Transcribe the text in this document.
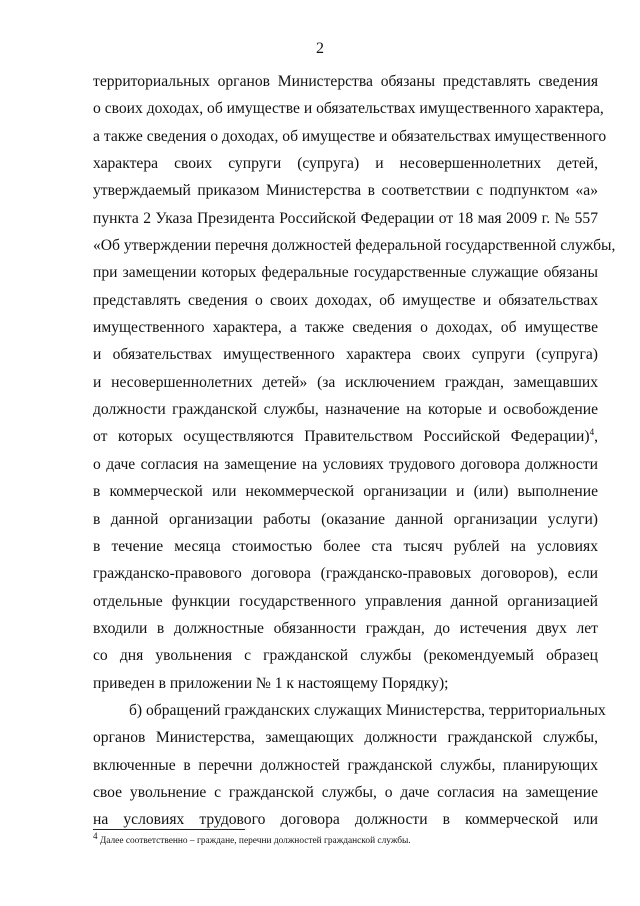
2
территориальных органов Министерства обязаны представлять сведения
о своих доходах, об имуществе и обязательствах имущественного характера,
а также сведения о доходах, об имуществе и обязательствах имущественного
характера своих супруги (супруга) и несовершеннолетних детей,
утверждаемый приказом Министерства в соответствии с подпунктом «а»
пункта 2 Указа Президента Российской Федерации от 18 мая 2009 г. № 557
«Об утверждении перечня должностей федеральной государственной службы,
при замещении которых федеральные государственные служащие обязаны
представлять сведения о своих доходах, об имуществе и обязательствах
имущественного характера, а также сведения о доходах, об имуществе
и обязательствах имущественного характера своих супруги (супруга)
и несовершеннолетних детей» (за исключением граждан, замещавших
должности гражданской службы, назначение на которые и освобождение
от которых осуществляются Правительством Российской Федерации)$^4$,
о даче согласия на замещение на условиях трудового договора должности
в коммерческой или некоммерческой организации и (или) выполнение
в данной организации работы (оказание данной организации услуги)
в течение месяца стоимостью более ста тысяч рублей на условиях
гражданско-правового договора (гражданско-правовых договоров), если
отдельные функции государственного управления данной организацией
входили в должностные обязанности граждан, до истечения двух лет
со дня увольнения с гражданской службы (рекомендуемый образец
приведен в приложении № 1 к настоящему Порядку);
б) обращений гражданских служащих Министерства, территориальных
органов Министерства, замещающих должности гражданской службы,
включенные в перечни должностей гражданской службы, планирующих
свое увольнение с гражданской службы, о даче согласия на замещение
на условиях трудового договора должности в коммерческой или
$^4$ Далее соответственно – граждане, перечни должностей гражданской службы.
